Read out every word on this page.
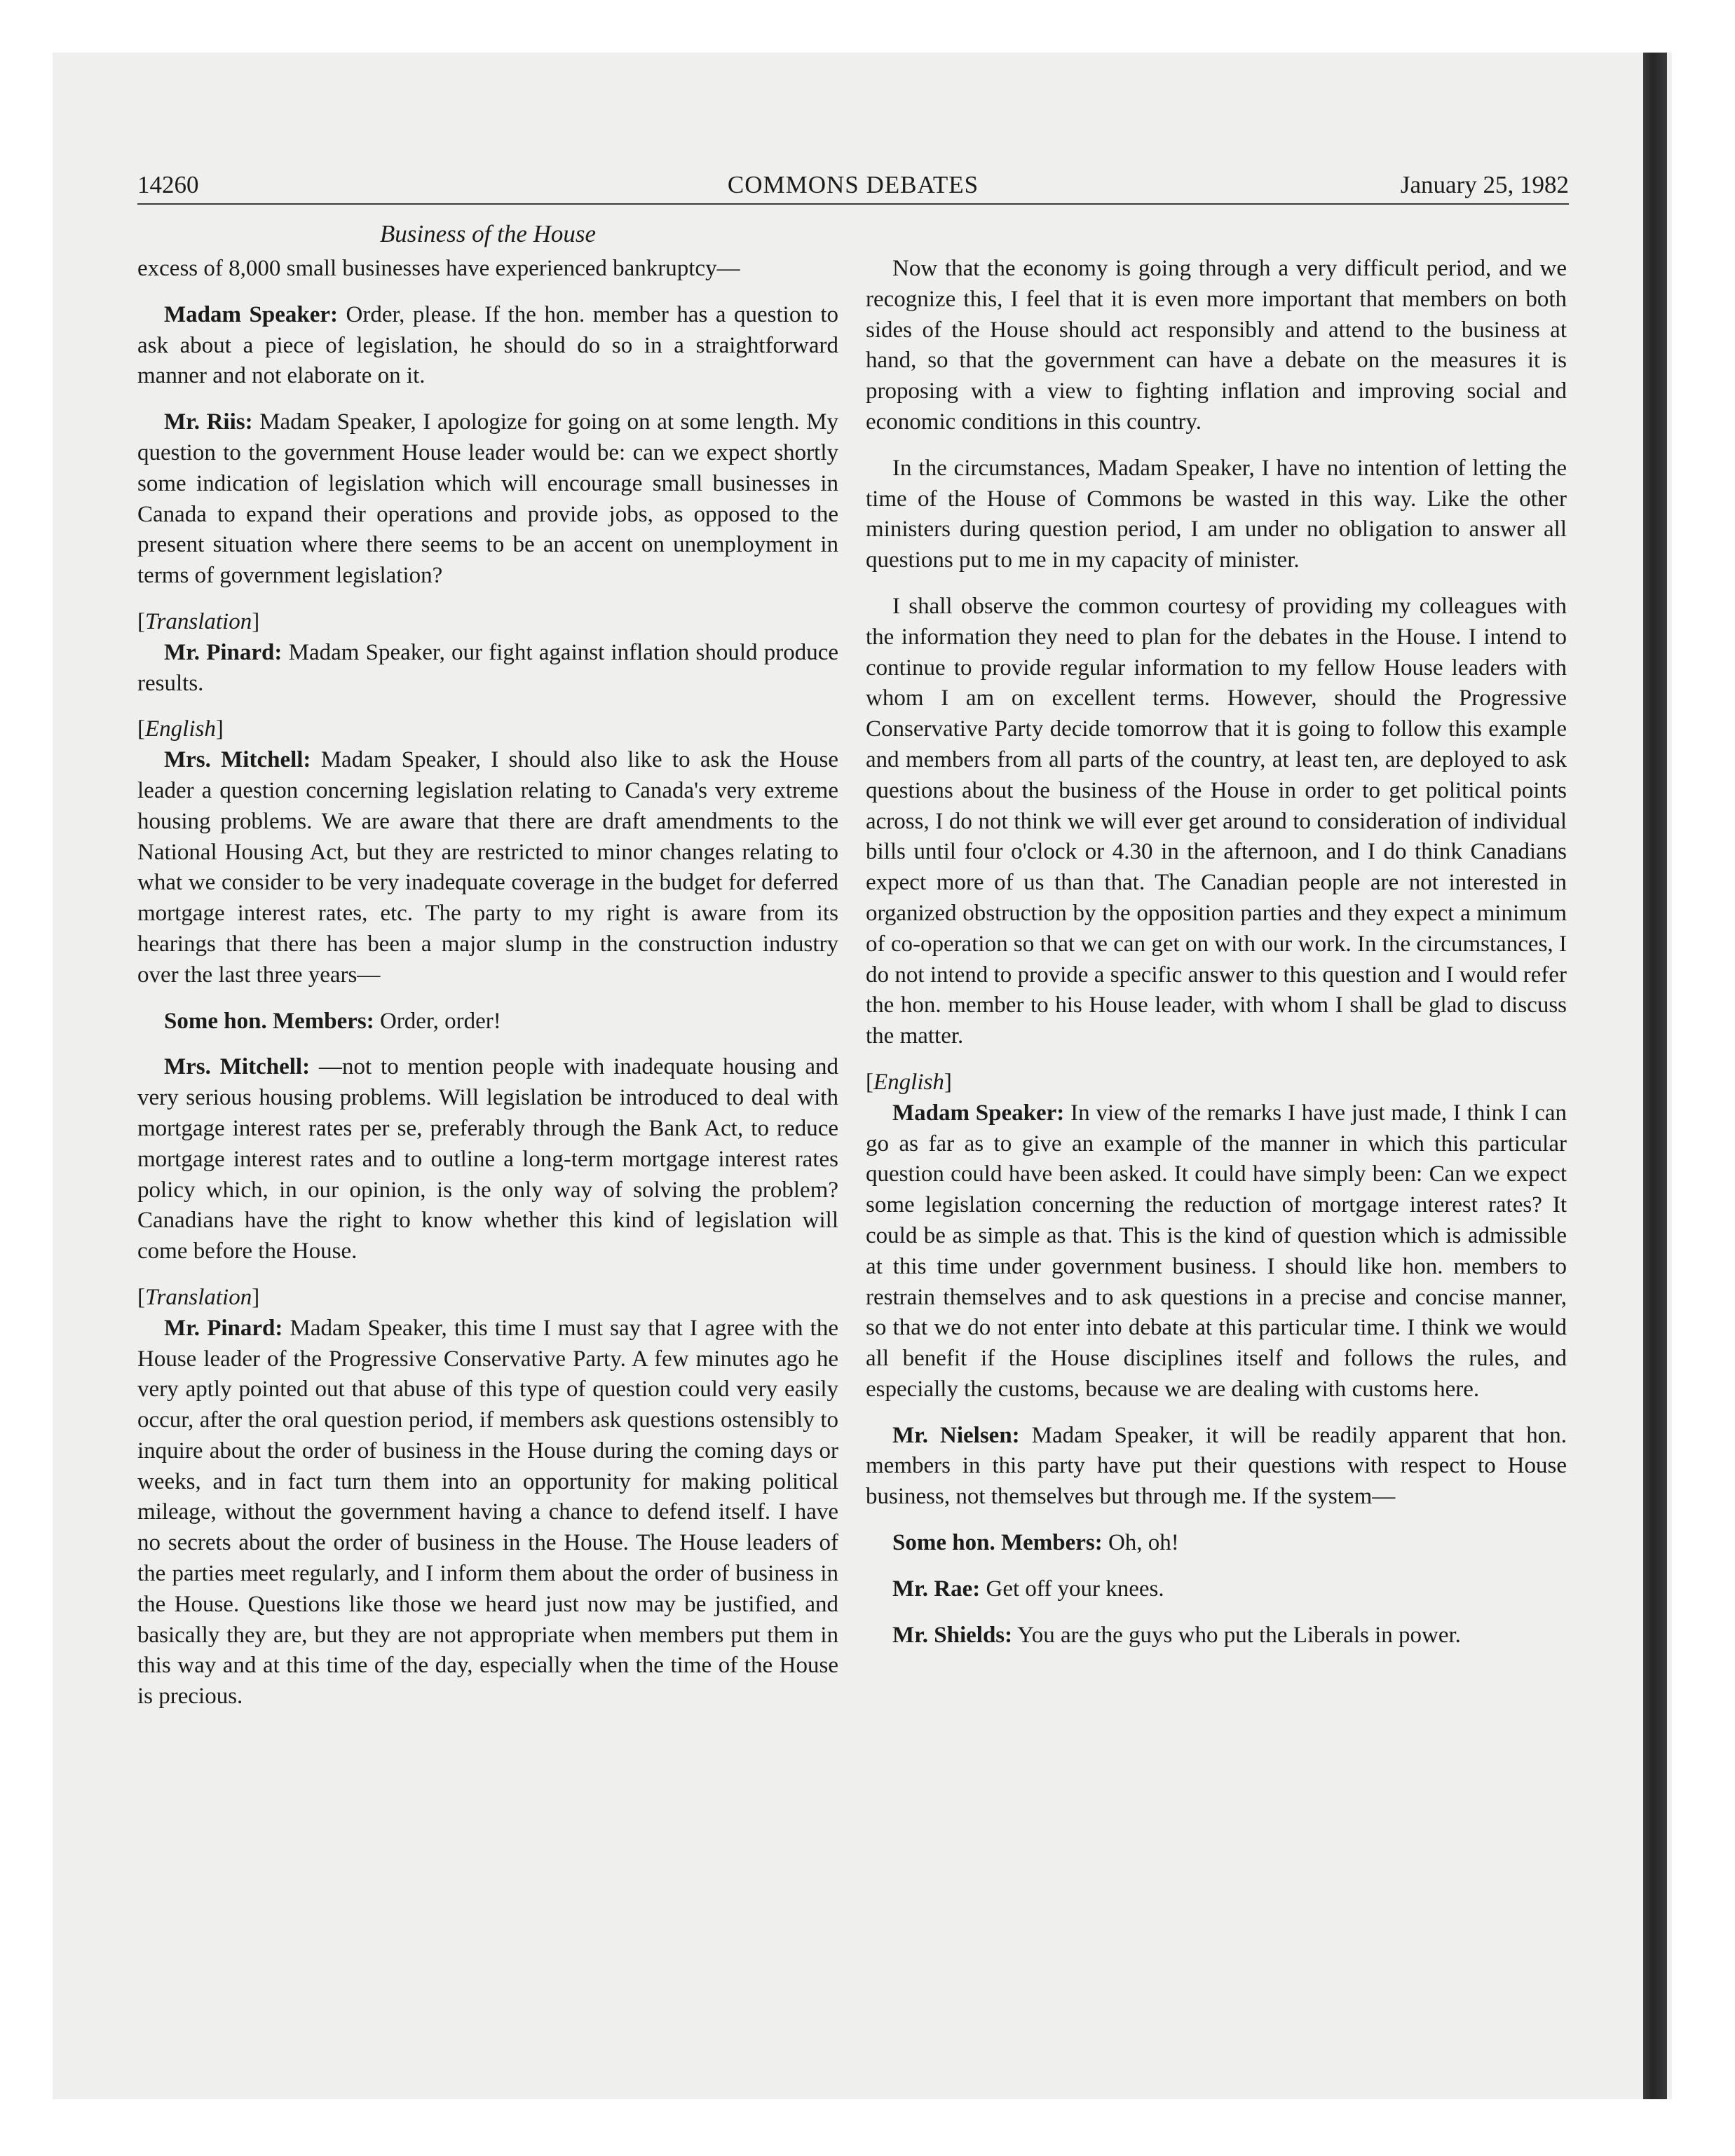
14260	COMMONS DEBATES	January 25, 1982
Business of the House

excess of 8,000 small businesses have experienced bankruptcy—

Madam Speaker: Order, please. If the hon. member has a question to ask about a piece of legislation, he should do so in a straightforward manner and not elaborate on it.

Mr. Riis: Madam Speaker, I apologize for going on at some length. My question to the government House leader would be: can we expect shortly some indication of legislation which will encourage small businesses in Canada to expand their operations and provide jobs, as opposed to the present situation where there seems to be an accent on unemployment in terms of government legislation?

[Translation]

Mr. Pinard: Madam Speaker, our fight against inflation should produce results.

[English]

Mrs. Mitchell: Madam Speaker, I should also like to ask the House leader a question concerning legislation relating to Canada's very extreme housing problems. We are aware that there are draft amendments to the National Housing Act, but they are restricted to minor changes relating to what we consider to be very inadequate coverage in the budget for deferred mortgage interest rates, etc. The party to my right is aware from its hearings that there has been a major slump in the construction industry over the last three years—

Some hon. Members: Order, order!

Mrs. Mitchell: —not to mention people with inadequate housing and very serious housing problems. Will legislation be introduced to deal with mortgage interest rates per se, preferably through the Bank Act, to reduce mortgage interest rates and to outline a long-term mortgage interest rates policy which, in our opinion, is the only way of solving the problem? Canadians have the right to know whether this kind of legislation will come before the House.

[Translation]

Mr. Pinard: Madam Speaker, this time I must say that I agree with the House leader of the Progressive Conservative Party. A few minutes ago he very aptly pointed out that abuse of this type of question could very easily occur, after the oral question period, if members ask questions ostensibly to inquire about the order of business in the House during the coming days or weeks, and in fact turn them into an opportunity for making political mileage, without the government having a chance to defend itself. I have no secrets about the order of business in the House. The House leaders of the parties meet regularly, and I inform them about the order of business in the House. Questions like those we heard just now may be justified, and basically they are, but they are not appropriate when members put them in this way and at this time of the day, especially when the time of the House is precious.

Now that the economy is going through a very difficult period, and we recognize this, I feel that it is even more important that members on both sides of the House should act responsibly and attend to the business at hand, so that the government can have a debate on the measures it is proposing with a view to fighting inflation and improving social and economic conditions in this country.

In the circumstances, Madam Speaker, I have no intention of letting the time of the House of Commons be wasted in this way. Like the other ministers during question period, I am under no obligation to answer all questions put to me in my capacity of minister.

I shall observe the common courtesy of providing my colleagues with the information they need to plan for the debates in the House. I intend to continue to provide regular information to my fellow House leaders with whom I am on excellent terms. However, should the Progressive Conservative Party decide tomorrow that it is going to follow this example and members from all parts of the country, at least ten, are deployed to ask questions about the business of the House in order to get political points across, I do not think we will ever get around to consideration of individual bills until four o'clock or 4.30 in the afternoon, and I do think Canadians expect more of us than that. The Canadian people are not interested in organized obstruction by the opposition parties and they expect a minimum of co-operation so that we can get on with our work. In the circumstances, I do not intend to provide a specific answer to this question and I would refer the hon. member to his House leader, with whom I shall be glad to discuss the matter.

[English]

Madam Speaker: In view of the remarks I have just made, I think I can go as far as to give an example of the manner in which this particular question could have been asked. It could have simply been: Can we expect some legislation concerning the reduction of mortgage interest rates? It could be as simple as that. This is the kind of question which is admissible at this time under government business. I should like hon. members to restrain themselves and to ask questions in a precise and concise manner, so that we do not enter into debate at this particular time. I think we would all benefit if the House disciplines itself and follows the rules, and especially the customs, because we are dealing with customs here.

Mr. Nielsen: Madam Speaker, it will be readily apparent that hon. members in this party have put their questions with respect to House business, not themselves but through me. If the system—

Some hon. Members: Oh, oh!

Mr. Rae: Get off your knees.

Mr. Shields: You are the guys who put the Liberals in power.
